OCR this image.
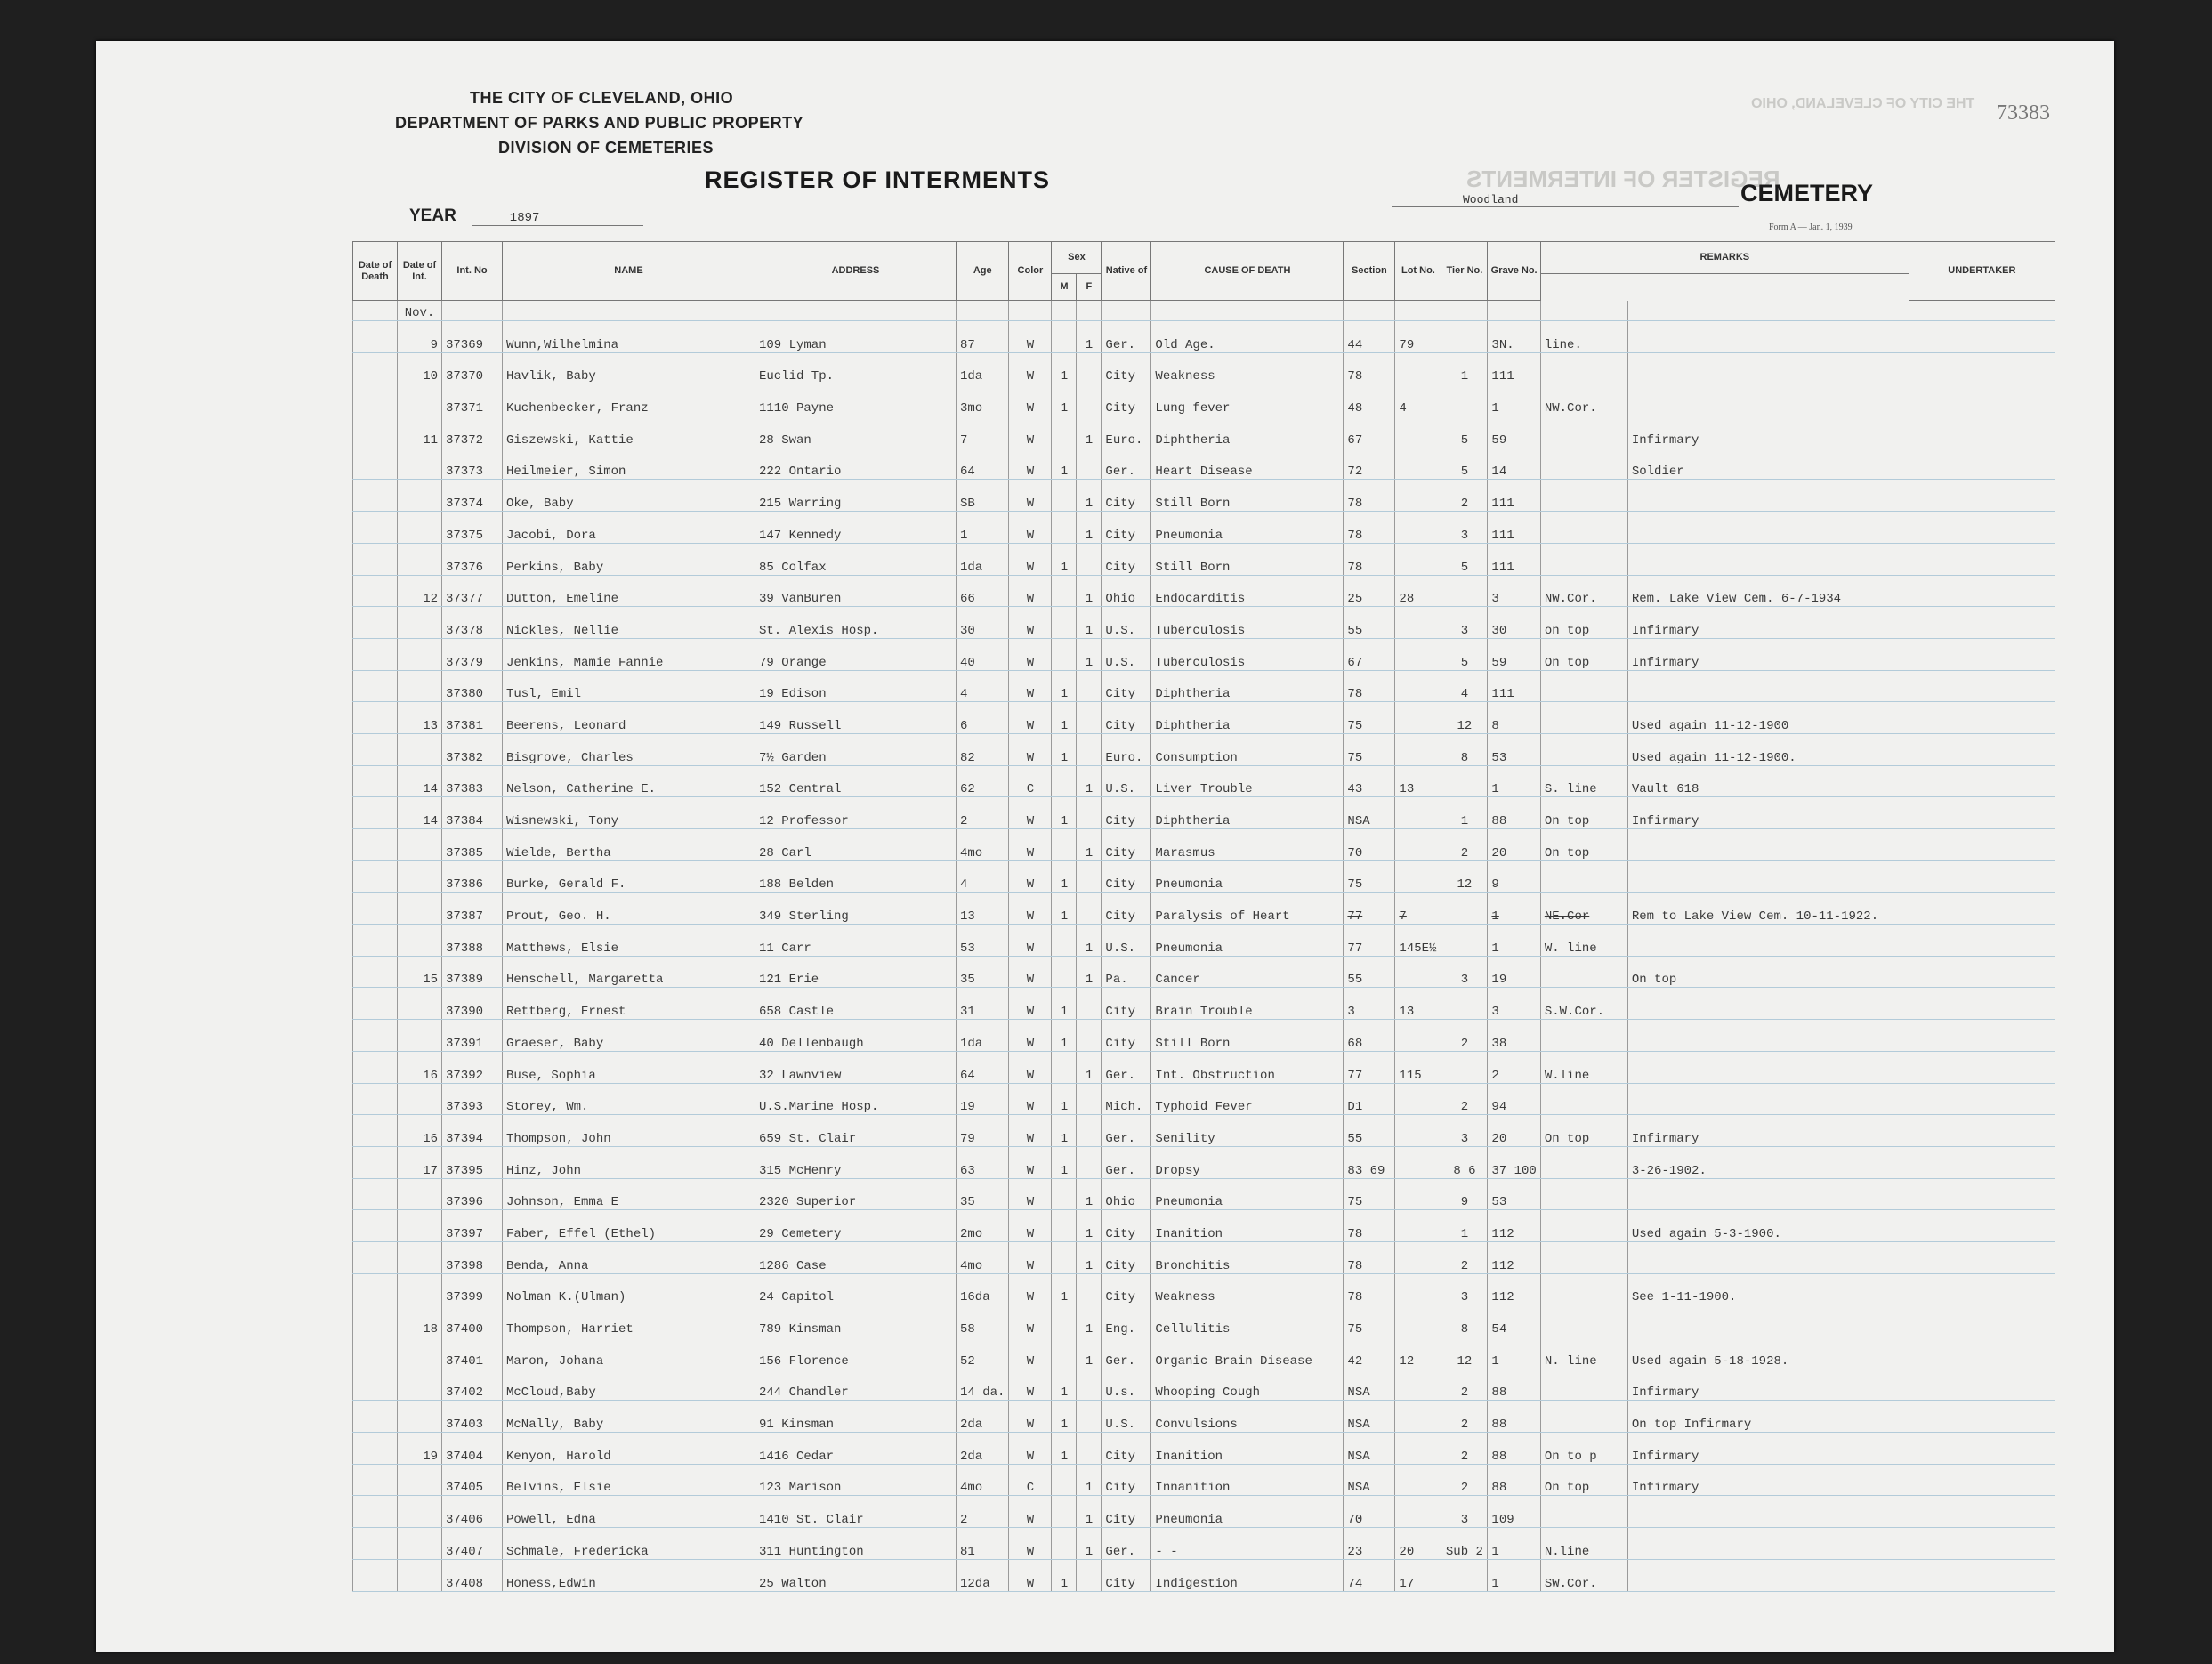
REGISTER OF INTERMENTS
THE CITY OF CLEVELAND, OHIO
THE CITY OF CLEVELAND, OHIO
DEPARTMENT OF PARKS AND PUBLIC PROPERTY
DIVISION OF CEMETERIES
REGISTER OF INTERMENTS
YEAR	1897
Woodland	CEMETERY
Form A — Jan. 1, 1939
73383
Date of Death	Date of Int.	Int. No	NAME	ADDRESS	Age	Color	Sex		Native of	CAUSE OF DEATH	Section	Lot No.	Tier No.	Grave No.	REMARKS		UNDERTAKER
							M	F									
	Nov.																
	9	37369	Wunn,Wilhelmina	109 Lyman	87	W		1	Ger.	Old Age.	44	79		3N.	line.		
	10	37370	Havlik, Baby	Euclid Tp.	1da	W	1		City	Weakness	78		1	111			
		37371	Kuchenbecker, Franz	1110 Payne	3mo	W	1		City	Lung fever	48	4		1	NW.Cor.		
	11	37372	Giszewski, Kattie	28 Swan	7	W		1	Euro.	Diphtheria	67		5	59		Infirmary	
		37373	Heilmeier, Simon	222 Ontario	64	W	1		Ger.	Heart Disease	72		5	14		Soldier	
		37374	Oke, Baby	215 Warring	SB	W		1	City	Still Born	78		2	111			
		37375	Jacobi, Dora	147 Kennedy	1	W		1	City	Pneumonia	78		3	111			
		37376	Perkins, Baby	85 Colfax	1da	W	1		City	Still Born	78		5	111			
	12	37377	Dutton, Emeline	39 VanBuren	66	W		1	Ohio	Endocarditis	25	28		3	NW.Cor.	Rem. Lake View Cem. 6-7-1934	
		37378	Nickles, Nellie	St. Alexis Hosp.	30	W		1	U.S.	Tuberculosis	55		3	30	on top	Infirmary	
		37379	Jenkins, Mamie Fannie	79 Orange	40	W		1	U.S.	Tuberculosis	67		5	59	On top	Infirmary	
		37380	Tusl, Emil	19 Edison	4	W	1		City	Diphtheria	78		4	111			
	13	37381	Beerens, Leonard	149 Russell	6	W	1		City	Diphtheria	75		12	8		Used again 11-12-1900	
		37382	Bisgrove, Charles	7½ Garden	82	W	1		Euro.	Consumption	75		8	53		Used again 11-12-1900.	
	14	37383	Nelson, Catherine E.	152 Central	62	C		1	U.S.	Liver Trouble	43	13		1	S. line	Vault 618	
	14	37384	Wisnewski, Tony	12 Professor	2	W	1		City	Diphtheria	NSA		1	88	On top	Infirmary	
		37385	Wielde, Bertha	28 Carl	4mo	W		1	City	Marasmus	70		2	20	On top		
		37386	Burke, Gerald F.	188 Belden	4	W	1		City	Pneumonia	75		12	9			
		37387	Prout, Geo. H.	349 Sterling	13	W	1		City	Paralysis of Heart	77	7		1	NE.Cor	Rem to Lake View Cem. 10-11-1922.	
		37388	Matthews, Elsie	11 Carr	53	W		1	U.S.	Pneumonia	77	145E½		1	W. line		
	15	37389	Henschell, Margaretta	121 Erie	35	W		1	Pa.	Cancer	55		3	19		On top	
		37390	Rettberg, Ernest	658 Castle	31	W	1		City	Brain Trouble	3	13		3	S.W.Cor.		
		37391	Graeser, Baby	40 Dellenbaugh	1da	W	1		City	Still Born	68		2	38			
	16	37392	Buse, Sophia	32 Lawnview	64	W		1	Ger.	Int. Obstruction	77	115		2	W.line		
		37393	Storey, Wm.	U.S.Marine Hosp.	19	W	1		Mich.	Typhoid Fever	D1		2	94			
	16	37394	Thompson, John	659 St. Clair	79	W	1		Ger.	Senility	55		3	20	On top	Infirmary	
	17	37395	Hinz, John	315 McHenry	63	W	1		Ger.	Dropsy	83 69		8 6	37 100		3-26-1902.	
		37396	Johnson, Emma E	2320 Superior	35	W		1	Ohio	Pneumonia	75		9	53			
		37397	Faber, Effel (Ethel)	29 Cemetery	2mo	W		1	City	Inanition	78		1	112		Used again 5-3-1900.	
		37398	Benda, Anna	1286 Case	4mo	W		1	City	Bronchitis	78		2	112			
		37399	Nolman K.(Ulman)	24 Capitol	16da	W	1		City	Weakness	78		3	112		See 1-11-1900.	
	18	37400	Thompson, Harriet	789 Kinsman	58	W		1	Eng.	Cellulitis	75		8	54			
		37401	Maron, Johana	156 Florence	52	W		1	Ger.	Organic Brain Disease	42	12	12	1	N. line	Used again 5-18-1928.	
		37402	McCloud,Baby	244 Chandler	14 da.	W	1		U.s.	Whooping Cough	NSA		2	88		Infirmary	
		37403	McNally, Baby	91 Kinsman	2da	W	1		U.S.	Convulsions	NSA		2	88		On top Infirmary	
	19	37404	Kenyon, Harold	1416 Cedar	2da	W	1		City	Inanition	NSA		2	88	On to p	Infirmary	
		37405	Belvins, Elsie	123 Marison	4mo	C		1	City	Innanition	NSA		2	88	On top	Infirmary	
		37406	Powell, Edna	1410 St. Clair	2	W		1	City	Pneumonia	70		3	109			
		37407	Schmale, Fredericka	311 Huntington	81	W		1	Ger.	- -	23	20	Sub 2	1	N.line		
		37408	Honess,Edwin	25 Walton	12da	W	1		City	Indigestion	74	17		1	SW.Cor.		
